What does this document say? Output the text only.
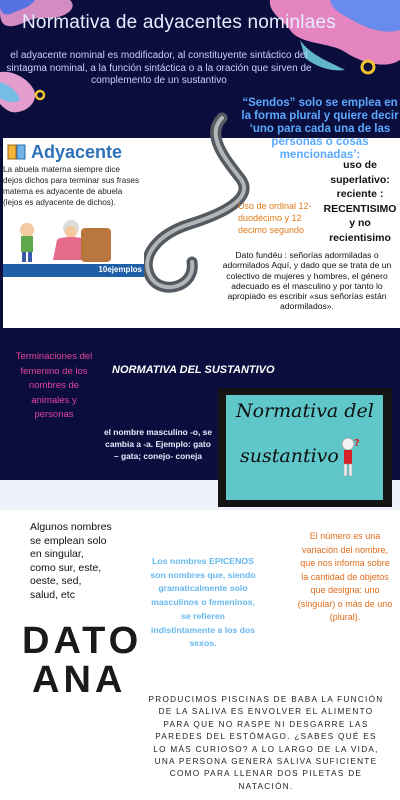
Normativa de adyacentes nominlaes
el adyacente nominal es modificador, al constituyente sintáctico del sintagma nominal, a la función sintáctica o a la oración que sirven de complemento de un sustantivo
“Sendos” solo se emplea en la forma plural y quiere decir ‘uno para cada una de las personas o cosas mencionadas’:
Adyacente
La abuela materna siempre dice
dejos dichos para terminar sus frases
materna es adyacente de abuela
(lejos es adyacente de dichos).
10ejemplos
uso de superlativo: reciente : RECENTISIMO y no recientisimo
Uso de ordinal 12-duodécimo y 12 decimo segundo
Dato fundéu : señorías adormiladas o adormilados Aquí, y dado que se trata de un colectivo de mujeres y hombres, el género adecuado es el masculino y por tanto lo apropiado es escribir «sus señorías están adormilados».
Terminaciones del femenino de los nombres de animales y personas
NORMATIVA DEL SUSTANTIVO
el nombre masculino -o, se cambia a -a. Ejemplo: gato – gata; conejo- coneja
Normativa del
sustantivo
?
Algunos nombres se emplean solo en singular, como sur, este, oeste, sed, salud, etc
El número es una variación del nombre, que nos informa sobre la cantidad de objetos que designa: uno (singular) o más de uno (plural).
Los nombres EPICENOS son nombres que, siendo gramaticalmente solo masculinos o femeninos, se refieren indistintamente a los dos sexos.
DATO
ANA	PRODUCIMOS PISCINAS DE BABA LA FUNCIÓN DE LA SALIVA ES ENVOLVER EL ALIMENTO PARA QUE NO RASPE NI DESGARRE LAS PAREDES DEL ESTÓMAGO. ¿SABES QUÉ ES LO MÁS CURIOSO? A LO LARGO DE LA VIDA, UNA PERSONA GENERA SALIVA SUFICIENTE COMO PARA LLENAR DOS PILETAS DE NATACIÓN.
